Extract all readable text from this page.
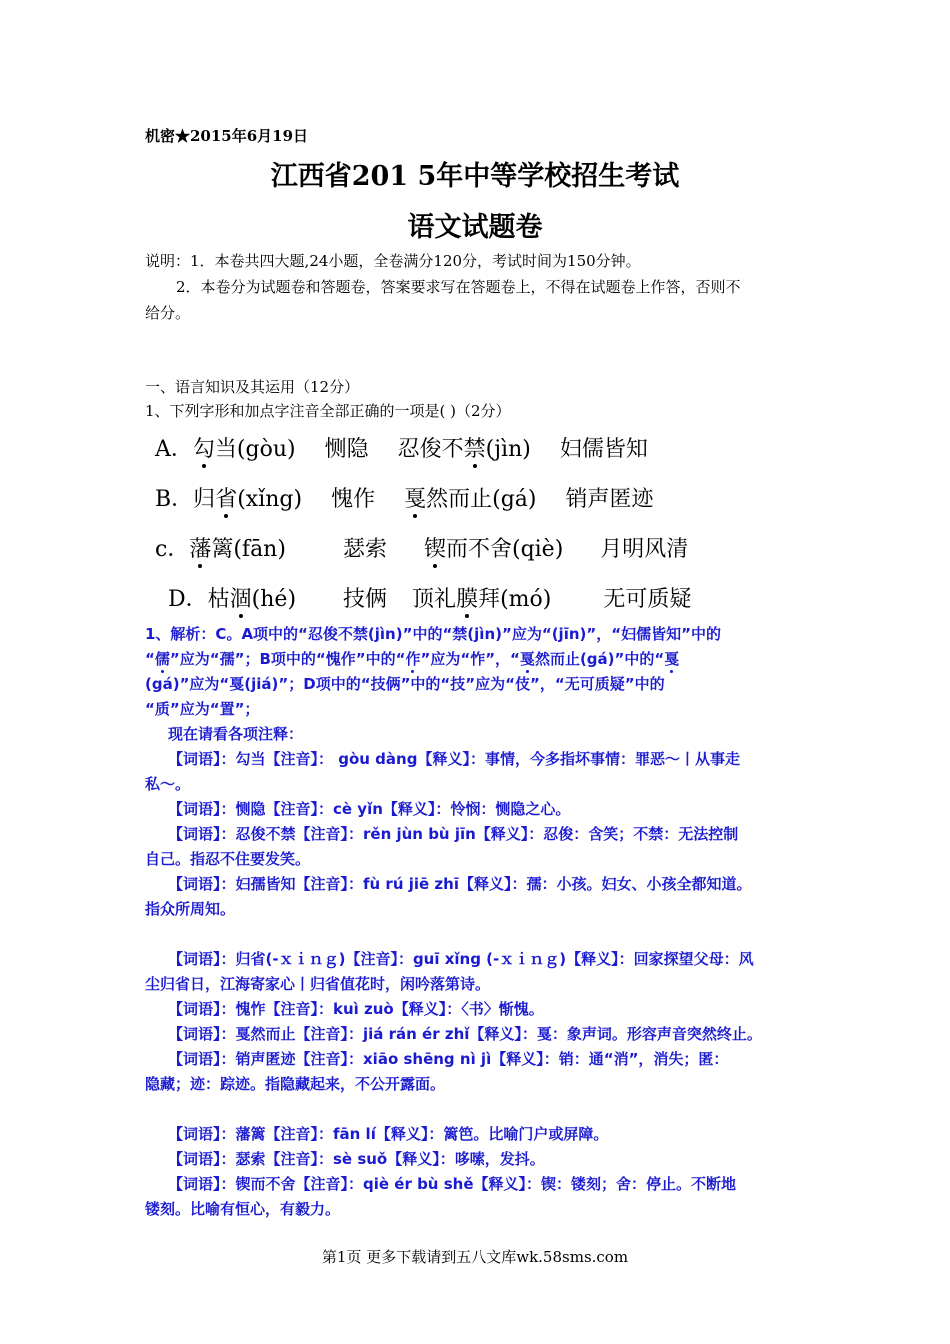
机密★2015年6月19日
江西省201 5年中等学校招生考试
语文试题卷
说明：1．本卷共四大题,24小题，全卷满分120分，考试时间为150分钟。
2．本卷分为试题卷和答题卷，答案要求写在答题卷上，不得在试题卷上作答，否则不
给分。
一、语言知识及其运用（12分）
1、下列字形和加点字注音全部正确的一项是( )（2分）
A．勾当(gòu) 恻隐 忍俊不禁(jìn) 妇儒皆知
B．归省(xǐng) 愧作 戛然而止(gá) 销声匿迹
c．藩篱(fān)	瑟索 锲而不舍(qiè) 月明风清
D．枯涸(hé) 技俩 顶礼膜拜(mó) 无可质疑
1、解析：C。A项中的“忍俊不禁(jìn)”中的“禁(jìn)”应为“(jīn)”，“妇儒皆知”中的
“儒”应为“孺”；B项中的“愧作”中的“作”应为“怍”，“戛然而止(gá)”中的“戛
(gá)”应为“戛(jiá)”；D项中的“技俩”中的“技”应为“伎”，“无可质疑”中的
“质”应为“置”；
现在请看各项注释：
【词语】：勾当【注音】： gòu dàng【释义】：事情，今多指坏事情：罪恶～丨从事走
私～。
【词语】：恻隐【注音】：cè yǐn【释义】：怜悯：恻隐之心。
【词语】：忍俊不禁【注音】：rěn jùn bù jīn【释义】：忍俊：含笑；不禁：无法控制
自己。指忍不住要发笑。
【词语】：妇孺皆知【注音】：fù rú jiē zhī【释义】：孺：小孩。妇女、小孩全都知道。
指众所周知。
【词语】：归省(-ｘｉｎｇ)【注音】：guī xǐng (-ｘｉｎｇ)【释义】：回家探望父母：风
尘归省日，江海寄家心丨归省值花时，闲吟落第诗。
【词语】：愧怍【注音】：kuì zuò【释义】：〈书〉惭愧。
【词语】：戛然而止【注音】：jiá rán ér zhǐ【释义】：戛：象声词。形容声音突然终止。
【词语】：销声匿迹【注音】：xiāo shēng nì jì【释义】：销：通“消”，消失；匿：
隐藏；迹：踪迹。指隐藏起来，不公开露面。
【词语】：藩篱【注音】：fān lí【释义】：篱笆。比喻门户或屏障。
【词语】：瑟索【注音】：sè suǒ【释义】：哆嗦，发抖。
【词语】：锲而不舍【注音】：qiè ér bù shě【释义】：锲：镂刻；舍：停止。不断地
镂刻。比喻有恒心，有毅力。
第1页 更多下载请到五八文库wk.58sms.com
